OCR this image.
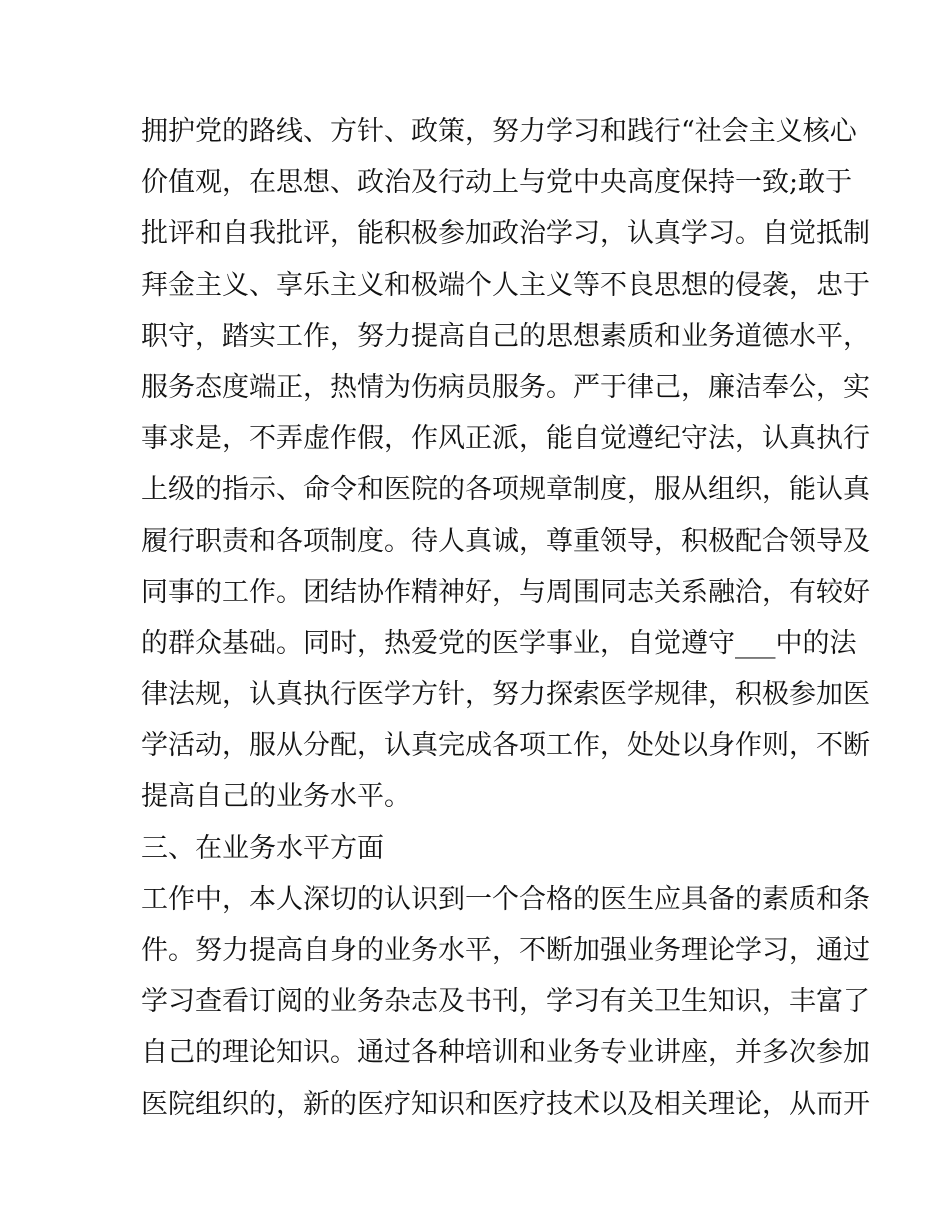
拥护党的路线、方针、政策，努力学习和践行“社会主义核心
价值观，在思想、政治及行动上与党中央高度保持一致;敢于
批评和自我批评，能积极参加政治学习，认真学习。自觉抵制
拜金主义、享乐主义和极端个人主义等不良思想的侵袭，忠于
职守，踏实工作，努力提高自己的思想素质和业务道德水平，
服务态度端正，热情为伤病员服务。严于律己，廉洁奉公，实
事求是，不弄虚作假，作风正派，能自觉遵纪守法，认真执行
上级的指示、命令和医院的各项规章制度，服从组织，能认真
履行职责和各项制度。待人真诚，尊重领导，积极配合领导及
同事的工作。团结协作精神好，与周围同志关系融洽，有较好
的群众基础。同时，热爱党的医学事业，自觉遵守___中的法
律法规，认真执行医学方针，努力探索医学规律，积极参加医
学活动，服从分配，认真完成各项工作，处处以身作则，不断
提高自己的业务水平。
三、在业务水平方面
工作中，本人深切的认识到一个合格的医生应具备的素质和条
件。努力提高自身的业务水平，不断加强业务理论学习，通过
学习查看订阅的业务杂志及书刊，学习有关卫生知识，丰富了
自己的理论知识。通过各种培训和业务专业讲座，并多次参加
医院组织的，新的医疗知识和医疗技术以及相关理论，从而开
